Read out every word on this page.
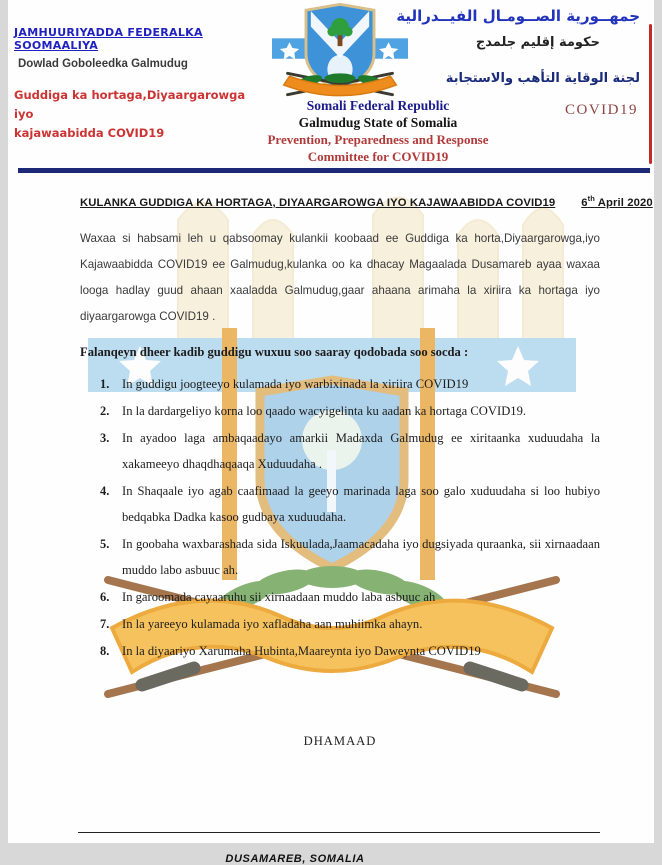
JAMHUURIYADDA FEDERALKA SOOMAALIYA
Dowlad Goboleedka Galmudug
Guddiga ka hortaga,Diyaargarowga iyo
kajawaabidda COVID19
Somali Federal Republic
Galmudug State of Somalia
Prevention, Preparedness and Response
Committee for COVID19
جمهــورية الصــومـال الفيــدرالية
حكومة إقليم جلمدج
لجنة الوقاية التأهب والاستجابة
COVID19
KULANKA GUDDIGA KA HORTAGA, DIYAARGAROWGA IYO KAJAWAABIDDA COVID19 6th April 2020
Waxaa si habsami leh u qabsoomay kulankii koobaad ee Guddiga ka horta,Diyaargarowga,iyo Kajawaabidda COVID19 ee Galmudug,kulanka oo ka dhacay Magaalada Dusamareb ayaa waxaa looga hadlay guud ahaan xaaladda Galmudug,gaar ahaana arimaha la xiriira ka hortaga iyo diyaargarowga COVID19 .
Falanqeyn dheer kadib guddigu wuxuu soo saaray qodobada soo socda :
1.	In guddigu joogteeyo kulamada iyo warbixinada la xiriira COVID19
2.	In la dardargeliyo korna loo qaado wacyigelinta ku aadan ka hortaga COVID19.
3.	In ayadoo laga ambaqaadayo amarkii Madaxda Galmudug ee xiritaanka xuduudaha la xakameeyo dhaqdhaqaaqa Xuduudaha .
4.	In Shaqaale iyo agab caafimaad la geeyo marinada laga soo galo xuduudaha si loo hubiyo bedqabka Dadka kasoo gudbaya xuduudaha.
5.	In goobaha waxbarashada sida Iskuulada,Jaamacadaha iyo dugsiyada quraanka, sii xirnaadaan muddo labo asbuuc ah.
6.	In garoomada cayaaruhu sii xirnaadaan muddo laba asbuuc ah
7.	In la yareeyo kulamada iyo xafladaha aan muhiimka ahayn.
8.	In la diyaariyo Xarumaha Hubinta,Maareynta iyo Daweynta COVID19
DHAMAAD
DUSAMAREB, SOMALIA
